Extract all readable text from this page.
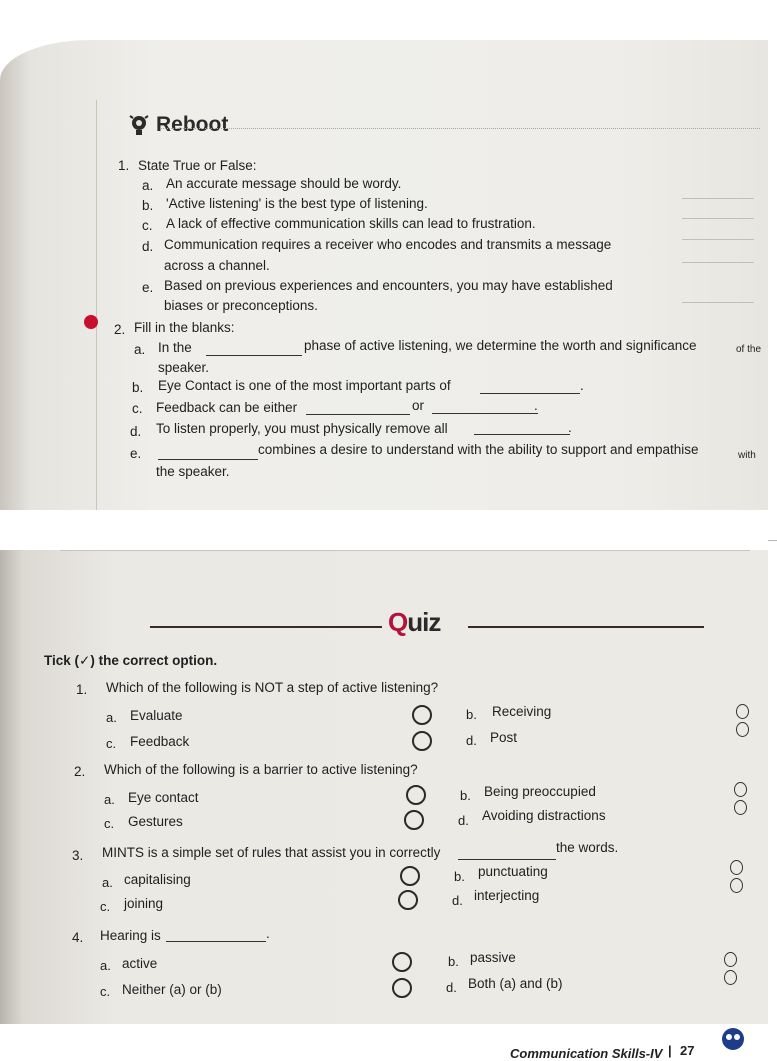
Reboot
1. State True or False:
a. An accurate message should be wordy.
b. 'Active listening' is the best type of listening.
c. A lack of effective communication skills can lead to frustration.
d. Communication requires a receiver who encodes and transmits a message
across a channel.
e. Based on previous experiences and encounters, you may have established
biases or preconceptions.
2. Fill in the blanks:
a. In the	phase of active listening, we determine the worth and significance	of the
speaker.
b. Eye Contact is one of the most important parts of	.
c. Feedback can be either	or	.
d. To listen properly, you must physically remove all	.
e.	combines a desire to understand with the ability to support and empathise	with
the speaker.
Quiz
Tick (✓) the correct option.
1. Which of the following is NOT a step of active listening?
a. Evaluate	b. Receiving
c. Feedback	d. Post
2. Which of the following is a barrier to active listening?
a. Eye contact	b. Being preoccupied
c. Gestures	d. Avoiding distractions
3. MINTS is a simple set of rules that assist you in correctly	the words.
a. capitalising	b. punctuating
c. joining	d. interjecting
4. Hearing is	.
a. active	b. passive
c. Neither (a) or (b)	d. Both (a) and (b)
Communication Skills-IV | 27
